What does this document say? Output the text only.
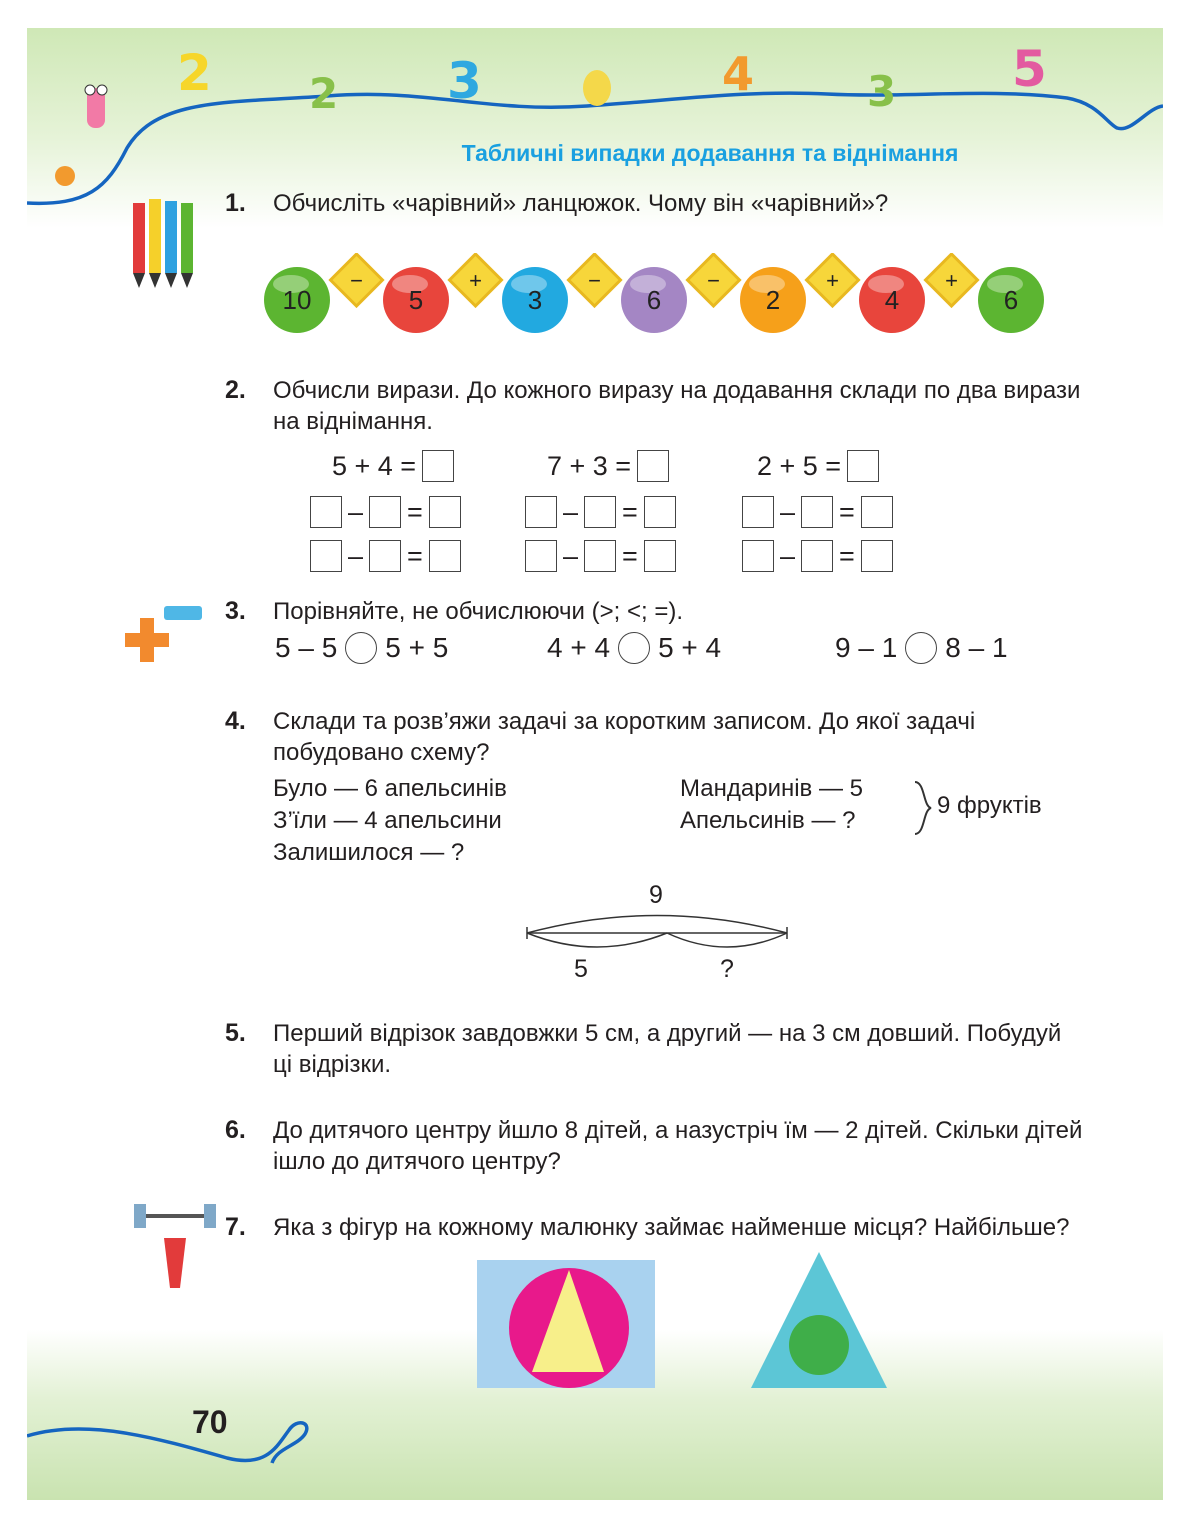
2 2 3	4	3 5
Табличні випадки додавання та віднімання
1. Обчисліть «чарівний» ланцюжок. Чому він «чарівний»?
−	+	−	−	+	+
10	5	3	6	2	4	6
2. Обчисли вирази. До кожного виразу на додавання склади по два вирази на віднімання.
5 + 4 =	7 + 3 =	2 + 5 =
– =	– =	– =
– =	– =	– =
3. Порівняйте, не обчислюючи (>; <; =).
5 – 5 5 + 5	4 + 4 5 + 4	9 – 1 8 – 1
4. Склади та розв’яжи задачі за коротким записом. До якої задачі побудовано схему?
Було — 6 апельсинів
З’їли — 4 апельсини
Залишилося — ?
Мандаринів — 5
Апельсинів — ?
9 фруктів
9
5	?
5. Перший відрізок завдовжки 5 см, а другий — на 3 см довший. Побудуй ці відрізки.
6. До дитячого центру йшло 8 дітей, а назустріч їм — 2 дітей. Скільки дітей ішло до дитячого центру?
7. Яка з фігур на кожному малюнку займає найменше місця? Найбільше?
70
